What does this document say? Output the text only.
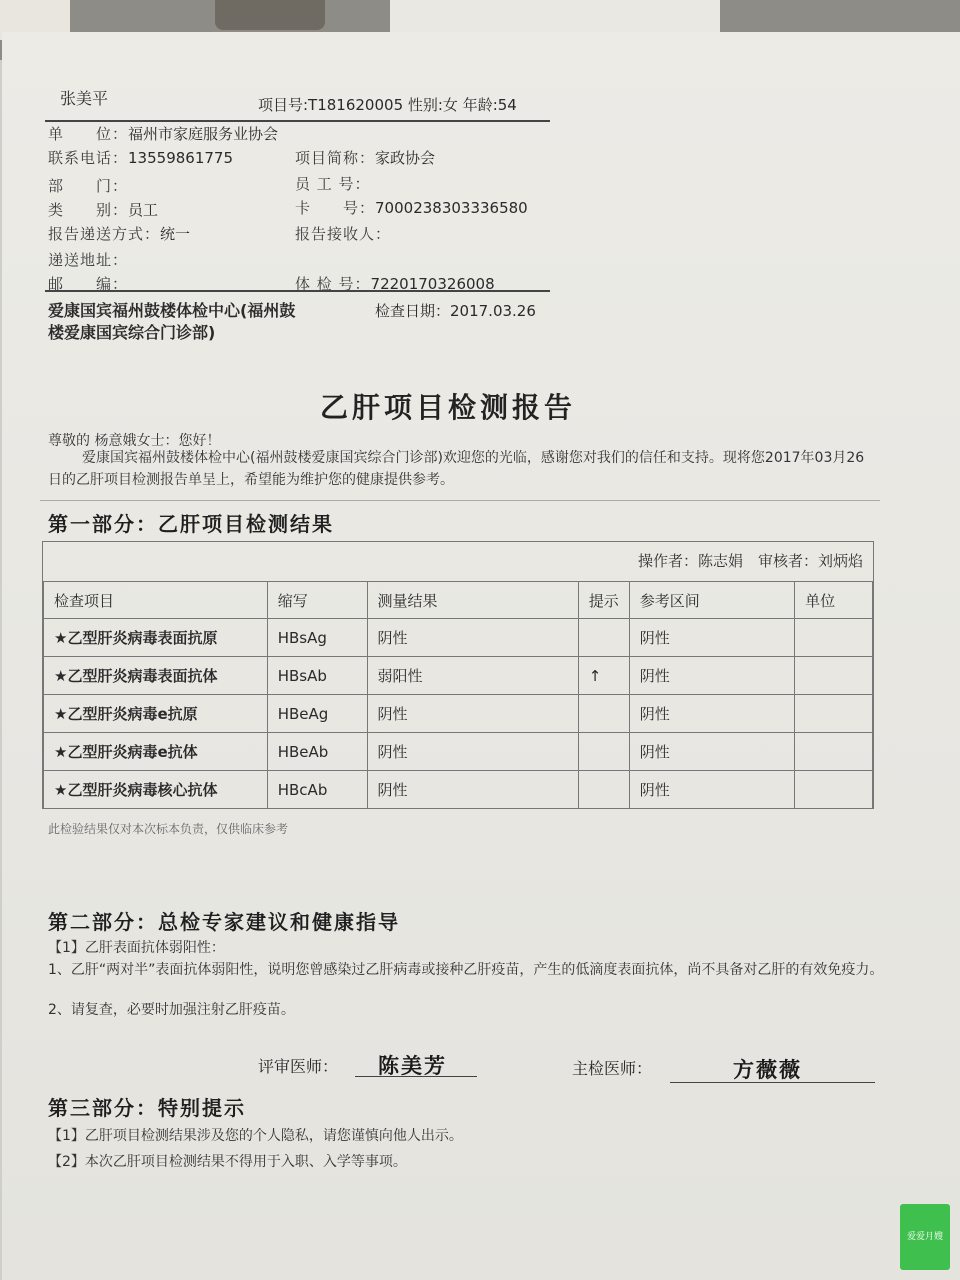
张美平	项目号:T181620005 性别:女 年龄:54
单　　位：福州市家庭服务业协会
联系电话：13559861775
部　　门：
类　　别：员工
报告递送方式：统一
递送地址：
邮　　编：
项目简称：家政协会
员 工 号：
卡　　号：7000238303336580
报告接收人：
体 检 号：7220170326008
爱康国宾福州鼓楼体检中心(福州鼓楼爱康国宾综合门诊部)
检查日期：2017.03.26
乙肝项目检测报告
尊敬的 杨意娥女士：您好！
爱康国宾福州鼓楼体检中心(福州鼓楼爱康国宾综合门诊部)欢迎您的光临，感谢您对我们的信任和支持。现将您2017年03月26日的乙肝项目检测报告单呈上，希望能为维护您的健康提供参考。
第一部分：乙肝项目检测结果
操作者：陈志娟　审核者：刘炳焰
检查项目	缩写	测量结果	提示	参考区间	单位
★乙型肝炎病毒表面抗原	HBsAg	阴性		阴性	
★乙型肝炎病毒表面抗体	HBsAb	弱阳性	↑	阴性	
★乙型肝炎病毒e抗原	HBeAg	阴性		阴性	
★乙型肝炎病毒e抗体	HBeAb	阴性		阴性	
★乙型肝炎病毒核心抗体	HBcAb	阴性		阴性	
此检验结果仅对本次标本负责，仅供临床参考
第二部分：总检专家建议和健康指导
【1】乙肝表面抗体弱阳性：
1、乙肝“两对半”表面抗体弱阳性，说明您曾感染过乙肝病毒或接种乙肝疫苗，产生的低滴度表面抗体，尚不具备对乙肝的有效免疫力。
2、请复查，必要时加强注射乙肝疫苗。
评审医师： 陈美芳	主检医师：	方薇薇
第三部分：特别提示
【1】乙肝项目检测结果涉及您的个人隐私，请您谨慎向他人出示。
【2】本次乙肝项目检测结果不得用于入职、入学等事项。
爱爱月嫂
